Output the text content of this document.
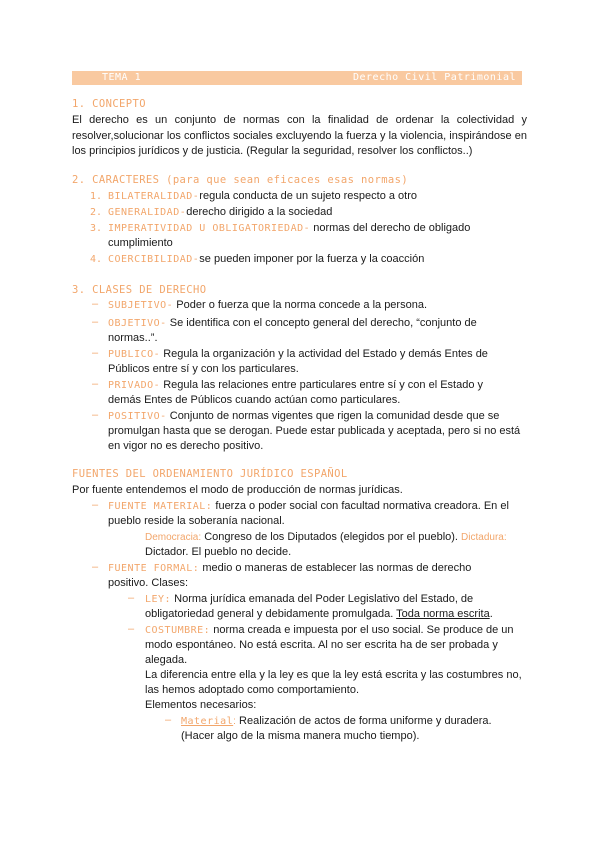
TEMA 1	Derecho Civil Patrimonial
1. CONCEPTO
El derecho es un conjunto de normas con la finalidad de ordenar la colectividad y resolver,solucionar los conflictos sociales excluyendo la fuerza y la violencia, inspirándose en los principios jurídicos y de justicia. (Regular la seguridad, resolver los conflictos..)
2. CARACTERES (para que sean eficaces esas normas)
1. BILATERALIDAD-regula conducta de un sujeto respecto a otro
2. GENERALIDAD-derecho dirigido a la sociedad
3. IMPERATIVIDAD U OBLIGATORIEDAD- normas del derecho de obligado
cumplimiento
4. COERCIBILIDAD-se pueden imponer por la fuerza y la coacción
3. CLASES DE DERECHO
– SUBJETIVO- Poder o fuerza que la norma concede a la persona.
– OBJETIVO- Se identifica con el concepto general del derecho, “conjunto de
normas..”.
– PUBLICO- Regula la organización y la actividad del Estado y demás Entes de
Públicos entre sí y con los particulares.
– PRIVADO- Regula las relaciones entre particulares entre sí y con el Estado y
demás Entes de Públicos cuando actúan como particulares.
– POSITIVO- Conjunto de normas vigentes que rigen la comunidad desde que se
promulgan hasta que se derogan. Puede estar publicada y aceptada, pero si no está
en vigor no es derecho positivo.
FUENTES DEL ORDENAMIENTO JURÍDICO ESPAÑOL
Por fuente entendemos el modo de producción de normas jurídicas.
– FUENTE MATERIAL: fuerza o poder social con facultad normativa creadora. En el
pueblo reside la soberanía nacional.
Democracia: Congreso de los Diputados (elegidos por el pueblo). Dictadura:
Dictador. El pueblo no decide.
– FUENTE FORMAL: medio o maneras de establecer las normas de derecho
positivo. Clases:
– LEY: Norma jurídica emanada del Poder Legislativo del Estado, de
obligatoriedad general y debidamente promulgada. Toda norma escrita.
– COSTUMBRE: norma creada e impuesta por el uso social. Se produce de un
modo espontáneo. No está escrita. Al no ser escrita ha de ser probada y
alegada.
La diferencia entre ella y la ley es que la ley está escrita y las costumbres no,
las hemos adoptado como comportamiento.
Elementos necesarios:
– Material: Realización de actos de forma uniforme y duradera.
(Hacer algo de la misma manera mucho tiempo).
